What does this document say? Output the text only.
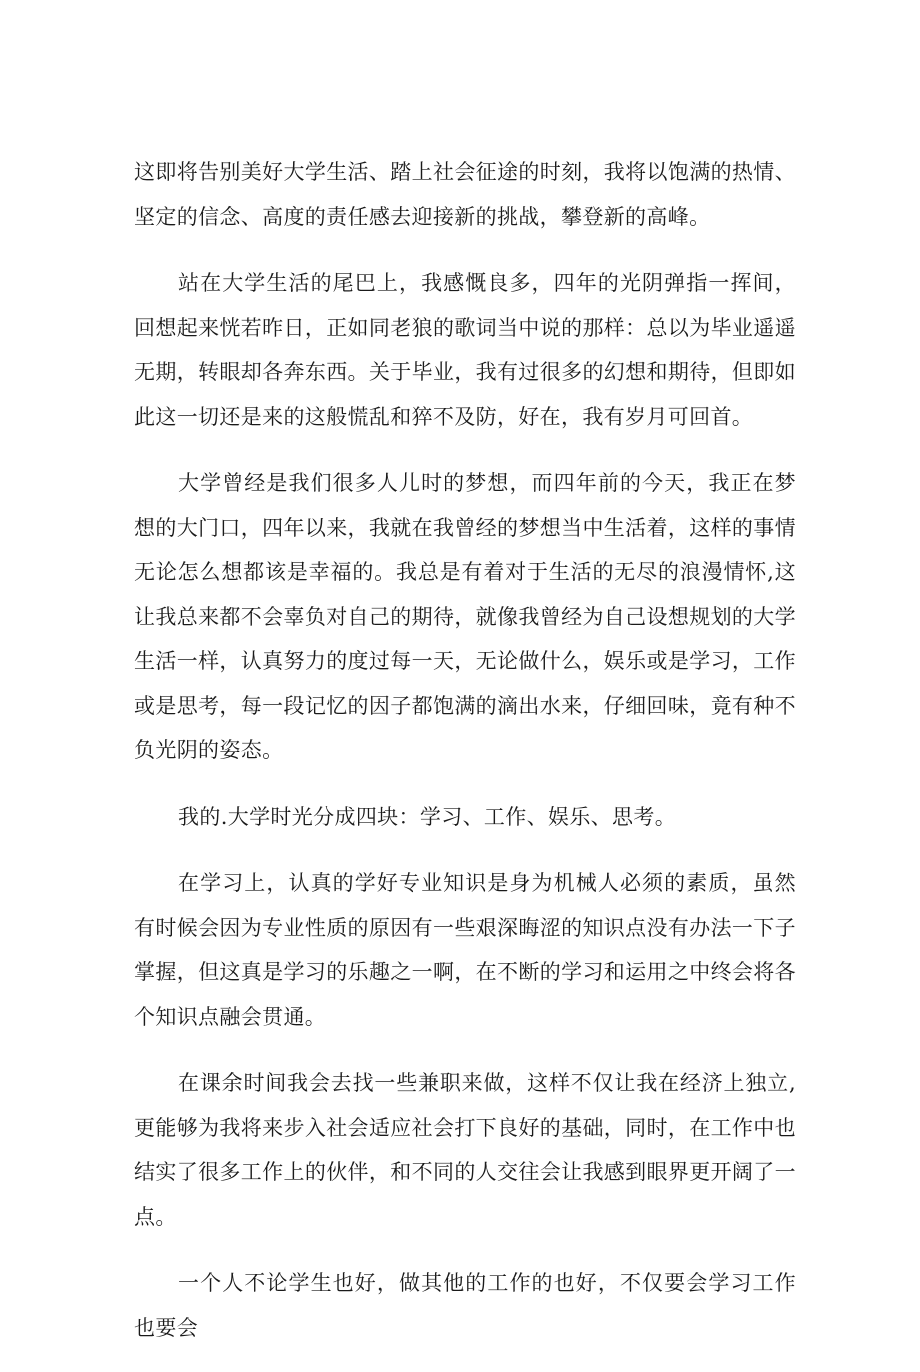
这即将告别美好大学生活、踏上社会征途的时刻，我将以饱满的热情、坚定的信念、高度的责任感去迎接新的挑战，攀登新的高峰。

站在大学生活的尾巴上，我感慨良多，四年的光阴弹指一挥间，回想起来恍若昨日，正如同老狼的歌词当中说的那样：总以为毕业遥遥无期，转眼却各奔东西。关于毕业，我有过很多的幻想和期待，但即如此这一切还是来的这般慌乱和猝不及防，好在，我有岁月可回首。

大学曾经是我们很多人儿时的梦想，而四年前的今天，我正在梦想的大门口，四年以来，我就在我曾经的梦想当中生活着，这样的事情无论怎么想都该是幸福的。我总是有着对于生活的无尽的浪漫情怀,这让我总来都不会辜负对自己的期待，就像我曾经为自己设想规划的大学生活一样，认真努力的度过每一天，无论做什么，娱乐或是学习，工作或是思考，每一段记忆的因子都饱满的滴出水来，仔细回味，竟有种不负光阴的姿态。

我的.大学时光分成四块：学习、工作、娱乐、思考。

在学习上，认真的学好专业知识是身为机械人必须的素质，虽然有时候会因为专业性质的原因有一些艰深晦涩的知识点没有办法一下子掌握，但这真是学习的乐趣之一啊，在不断的学习和运用之中终会将各个知识点融会贯通。

在课余时间我会去找一些兼职来做，这样不仅让我在经济上独立,更能够为我将来步入社会适应社会打下良好的基础，同时，在工作中也结实了很多工作上的伙伴，和不同的人交往会让我感到眼界更开阔了一点。

一个人不论学生也好，做其他的工作的也好，不仅要会学习工作也要会
